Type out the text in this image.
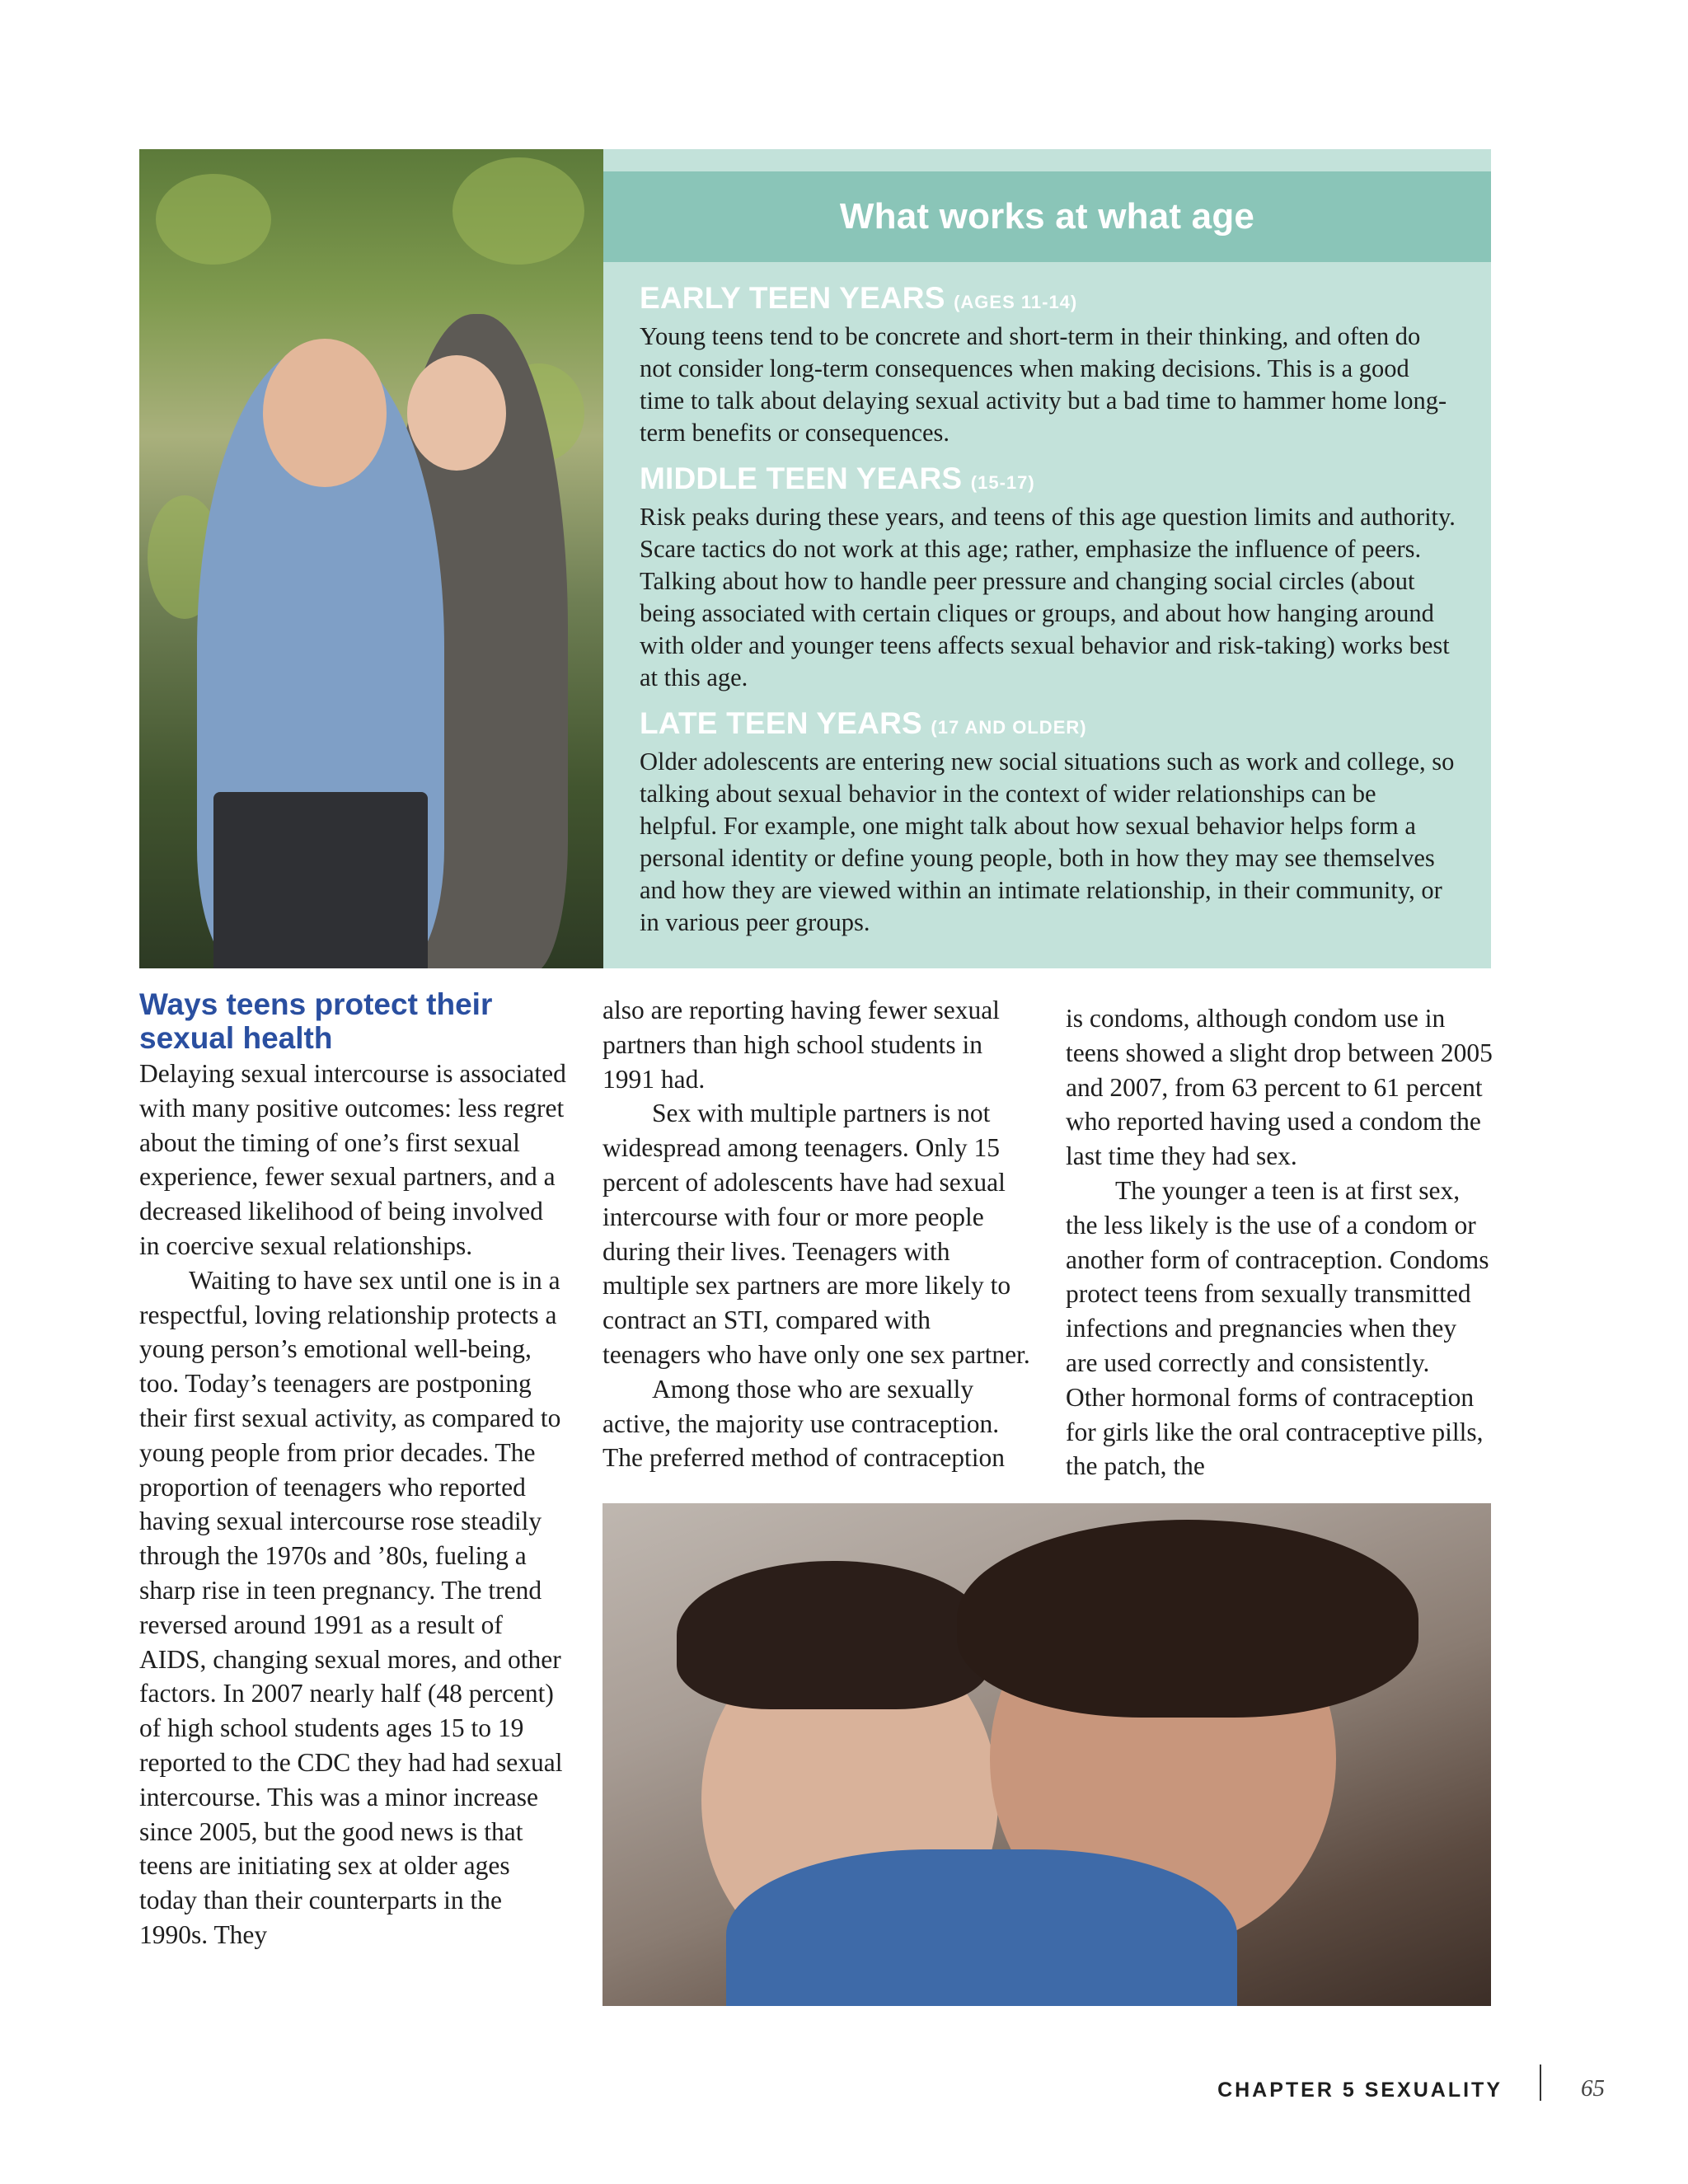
What works at what age

EARLY TEEN YEARS (AGES 11-14)

Young teens tend to be concrete and short-term in their thinking, and often do not consider long-term consequences when making decisions. This is a good time to talk about delaying sexual activity but a bad time to hammer home long-term benefits or consequences.

MIDDLE TEEN YEARS (15-17)

Risk peaks during these years, and teens of this age question limits and authority. Scare tactics do not work at this age; rather, emphasize the influence of peers. Talking about how to handle peer pressure and changing social circles (about being associated with certain cliques or groups, and about how hanging around with older and younger teens affects sexual behavior and risk-taking) works best at this age.

LATE TEEN YEARS (17 AND OLDER)

Older adolescents are entering new social situations such as work and college, so talking about sexual behavior in the context of wider relationships can be helpful. For example, one might talk about how sexual behavior helps form a personal identity or define young people, both in how they may see themselves and how they are viewed within an intimate relationship, in their community, or in various peer groups.

Ways teens protect their sexual health

Delaying sexual intercourse is associated with many positive outcomes: less regret about the timing of one’s first sexual experience, fewer sexual partners, and a decreased likelihood of being involved in coercive sexual relationships.

Waiting to have sex until one is in a respectful, loving relationship protects a young person’s emotional well-being, too. Today’s teenagers are postponing their first sexual activity, as compared to young people from prior decades. The proportion of teenagers who reported having sexual intercourse rose steadily through the 1970s and ’80s, fueling a sharp rise in teen pregnancy. The trend reversed around 1991 as a result of AIDS, changing sexual mores, and other factors. In 2007 nearly half (48 percent) of high school students ages 15 to 19 reported to the CDC they had had sexual intercourse. This was a minor increase since 2005, but the good news is that teens are initiating sex at older ages today than their counterparts in the 1990s. They

also are reporting having fewer sexual partners than high school students in 1991 had.

Sex with multiple partners is not widespread among teenagers. Only 15 percent of adolescents have had sexual intercourse with four or more people during their lives. Teenagers with multiple sex partners are more likely to contract an STI, compared with teenagers who have only one sex partner.

Among those who are sexually active, the majority use contraception. The preferred method of contraception

is condoms, although condom use in teens showed a slight drop between 2005 and 2007, from 63 percent to 61 percent who reported having used a condom the last time they had sex.

The younger a teen is at first sex, the less likely is the use of a condom or another form of contraception. Condoms protect teens from sexually transmitted infections and pregnancies when they are used correctly and consistently. Other hormonal forms of contraception for girls like the oral contraceptive pills, the patch, the

CHAPTER 5 SEXUALITY	65
